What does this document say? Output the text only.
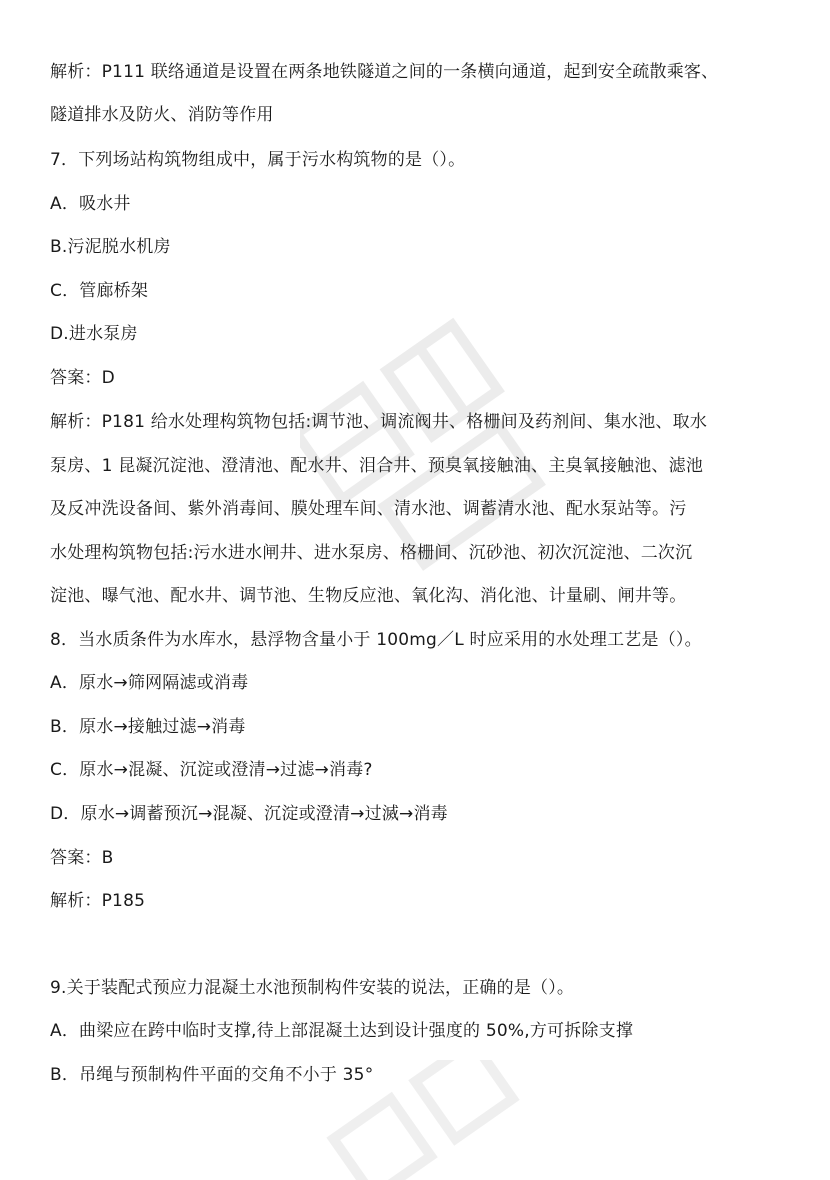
解析：P111 联络通道是设置在两条地铁隧道之间的一条横向通道，起到安全疏散乘客、
隧道排水及防火、消防等作用
7．下列场站构筑物组成中，属于污水构筑物的是（）。
A．吸水井
B.污泥脱水机房
C．管廊桥架
D.进水泵房
答案：D
解析：P181 给水处理构筑物包括:调节池、调流阀井、格栅间及药剂间、集水池、取水
泵房、1 昆凝沉淀池、澄清池、配水井、泪合井、预臭氧接触油、主臭氧接触池、滤池
及反冲洗设备间、紫外消毒间、膜处理车间、清水池、调蓄清水池、配水泵站等。污
水处理构筑物包括:污水进水闸井、进水泵房、格栅间、沉砂池、初次沉淀池、二次沉
淀池、曝气池、配水井、调节池、生物反应池、氧化沟、消化池、计量刷、闸井等。
8．当水质条件为水库水，悬浮物含量小于 100mg／L 时应采用的水处理工艺是（）。
A．原水→筛网隔滤或消毒
B．原水→接触过滤→消毒
C．原水→混凝、沉淀或澄清→过滤→消毒?
D．原水→调蓄预沉→混凝、沉淀或澄清→过滅→消毒
答案：B
解析：P185
9.关于装配式预应力混凝土水池预制构件安装的说法，正确的是（）。
A．曲梁应在跨中临时支撑,待上部混凝土达到设计强度的 50%,方可拆除支撑
B．吊绳与预制构件平面的交角不小于 35°
